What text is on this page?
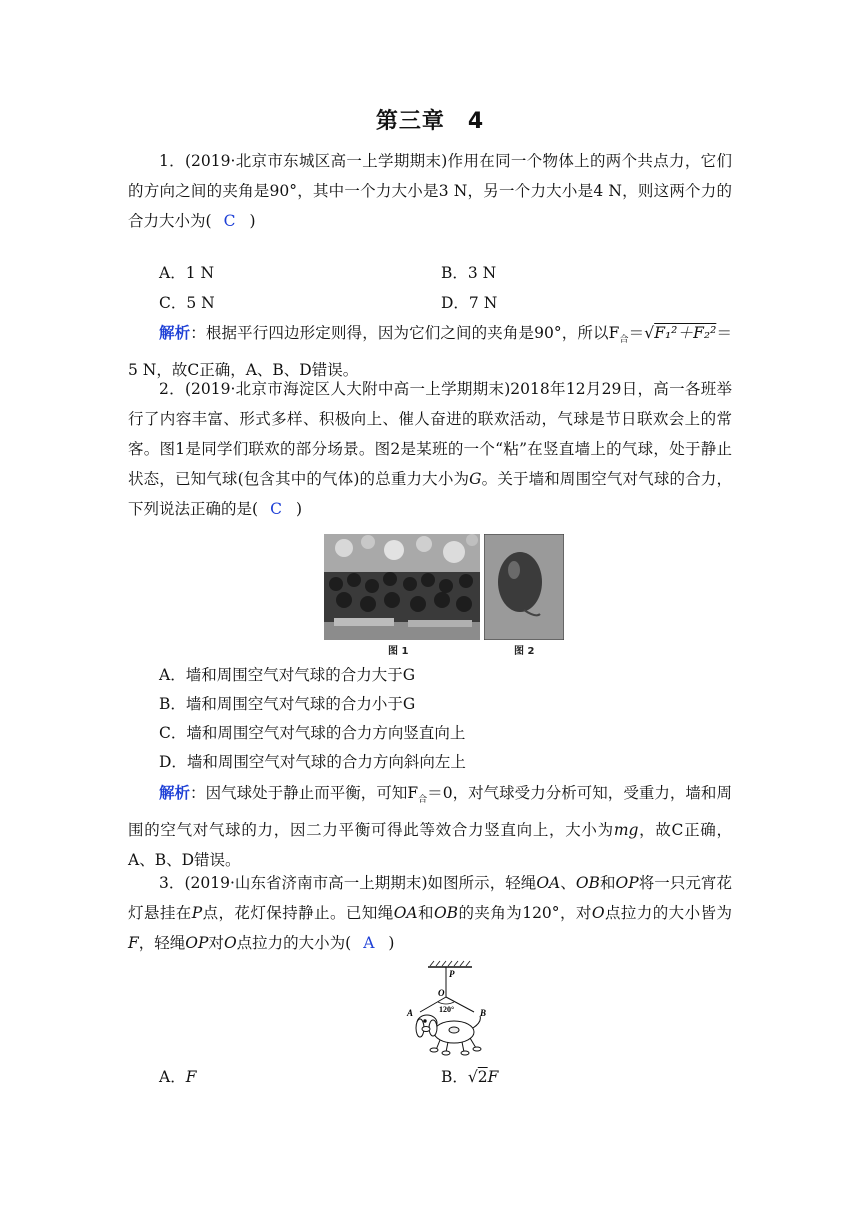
第三章　4
1．(2019·北京市东城区高一上学期期末)作用在同一个物体上的两个共点力，它们的方向之间的夹角是90°，其中一个力大小是3 N，另一个力大小是4 N，则这两个力的合力大小为( C )
A．1 N	B．3 N
C．5 N	D．7 N
解析：根据平行四边形定则得，因为它们之间的夹角是90°，所以$F_合=√F_1^2+F_2^2=5$ N，故C正确，A、B、D错误。
2．(2019·北京市海淀区人大附中高一上学期期末)2018年12月29日，高一各班举行了内容丰富、形式多样、积极向上、催人奋进的联欢活动，气球是节日联欢会上的常客。图1是同学们联欢的部分场景。图2是某班的一个“粘”在竖直墙上的气球，处于静止状态，已知气球(包含其中的气体)的总重力大小为G。关于墙和周围空气对气球的合力，下列说法正确的是( C )
图 1	图 2
A．墙和周围空气对气球的合力大于G
B．墙和周围空气对气球的合力小于G
C．墙和周围空气对气球的合力方向竖直向上
D．墙和周围空气对气球的合力方向斜向左上
解析：因气球处于静止而平衡，可知$F_合=0$，对气球受力分析可知，受重力，墙和周围的空气对气球的力，因二力平衡可得此等效合力竖直向上，大小为mg，故C正确，A、B、D错误。
3．(2019·山东省济南市高一上期期末)如图所示，轻绳OA、OB和OP将一只元宵花灯悬挂在P点，花灯保持静止。已知绳OA和OB的夹角为120°，对O点拉力的大小皆为F，轻绳OP对O点拉力的大小为( A )
P
O
A	B
120°
A．F	B．√2F
